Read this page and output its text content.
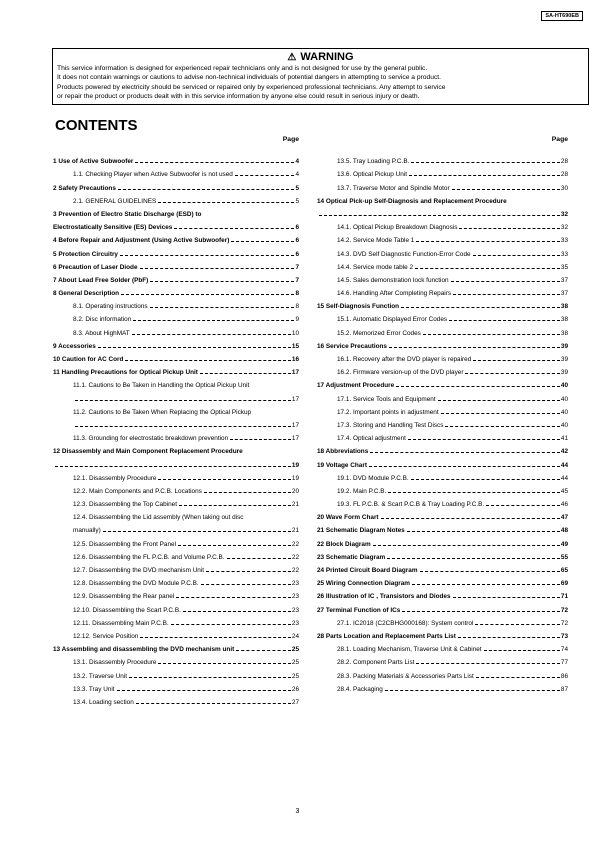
SA-HT690EB
⚠ WARNING
This service information is designed for experienced repair technicians only and is not designed for use by the general public.
It does not contain warnings or cautions to advise non-technical individuals of potential dangers in attempting to service a product.
Products powered by electricity should be serviced or repaired only by experienced professional technicians. Any attempt to service
or repair the product or products dealt with in this service information by anyone else could result in serious injury or death.
CONTENTS
Page
1 Use of Active Subwoofer	4
1.1. Checking Player when Active Subwoofer is not used	4
2 Safety Precautions	5
2.1. GENERAL GUIDELINES	5
3 Prevention of Electro Static Discharge (ESD) to
Electrostatically Sensitive (ES) Devices	6
4 Before Repair and Adjustment (Using Active Subwoofer)	6
5 Protection Circuitry	6
6 Precaution of Laser Diode	7
7 About Lead Free Solder (PbF)	7
8 General Description	8
8.1. Operating instructions	8
8.2. Disc information	9
8.3. About HighMAT	10
9 Accessories	15
10 Caution for AC Cord	16
11 Handling Precautions for Optical Pickup Unit	17
11.1. Cautions to Be Taken in Handling the Optical Pickup Unit
17
11.2. Cautions to Be Taken When Replacing the Optical Pickup
17
11.3. Grounding for electrostatic breakdown prevention	17
12 Disassembly and Main Component Replacement Procedure
19
12.1. Disassembly Procedure	19
12.2. Main Components and P.C.B. Locations	20
12.3. Disassembling the Top Cabinet	21
12.4. Disassembling the Lid assembly (When taking out disc
manually)	21
12.5. Disassembling the Front Panel	22
12.6. Disassembling the FL P.C.B. and Volume P.C.B.	22
12.7. Disassembling the DVD mechanism Unit	22
12.8. Disassembling the DVD Module P.C.B.	23
12.9. Disassembling the Rear panel	23
12.10. Disassembling the Scart P.C.B.	23
12.11. Disassembling Main P.C.B.	23
12.12. Service Position	24
13 Assembling and disassembling the DVD mechanism unit	25
13.1. Disassembly Procedure	25
13.2. Traverse Unit	25
13.3. Tray Unit	26
13.4. Loading section	27
Page
13.5. Tray Loading P.C.B.	28
13.6. Optical Pickup Unit	28
13.7. Traverse Motor and Spindle Motor	30
14 Optical Pick-up Self-Diagnosis and Replacement Procedure
32
14.1. Optical Pickup Breakdown Diagnosis	32
14.2. Service Mode Table 1	33
14.3. DVD Self Diagnostic Function-Error Code	33
14.4. Service mode table 2	35
14.5. Sales demonstration lock function	37
14.6. Handling After Completing Repairs	37
15 Self-Diagnosis Function	38
15.1. Automatic Displayed Error Codes	38
15.2. Memorized Error Codes	38
16 Service Precautions	39
16.1. Recovery after the DVD player is repaired	39
16.2. Firmware version-up of the DVD player	39
17 Adjustment Procedure	40
17.1. Service Tools and Equipment	40
17.2. Important points in adjustment	40
17.3. Storing and Handling Test Discs	40
17.4. Optical adjustment	41
18 Abbreviations	42
19 Voltage Chart	44
19.1. DVD Module P.C.B.	44
19.2. Main P.C.B.	45
19.3. FL P.C.B. & Scart P.C.B & Tray Loading P.C.B.	46
20 Wave Form Chart	47
21 Schematic Diagram Notes	48
22 Block Diagram	49
23 Schematic Diagram	55
24 Printed Circuit Board Diagram	65
25 Wiring Connection Diagram	69
26 Illustration of IC , Transistors and Diodes	71
27 Terminal Function of ICs	72
27.1. IC2018 (C2CBHG000168): System control	72
28 Parts Location and Replacement Parts List	73
28.1. Loading Mechanism, Traverse Unit & Cabinet	74
28.2. Component Parts List	77
28.3. Packing Materials & Accessories Parts List	86
28.4. Packaging	87
3
